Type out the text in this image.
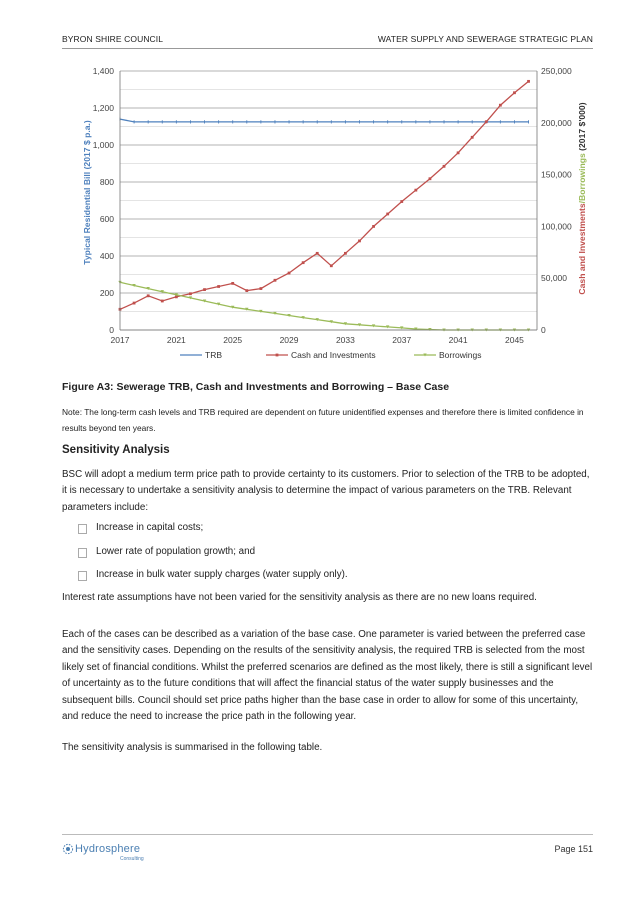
BYRON SHIRE COUNCIL	WATER SUPPLY AND SEWERAGE STRATEGIC PLAN
0
200
400
600
800
1,000
1,200
1,400
0
50,000
100,000
150,000
200,000
250,000
2017	2021	2025	2029	2033	2037	2041	2045
Typical Residential Bill (2017 $ p.a.)	Cash and Investments/Borrowings (2017 $'000)
TRB	Cash and Investments	Borrowings
Figure A3: Sewerage TRB, Cash and Investments and Borrowing – Base Case

Note: The long-term cash levels and TRB required are dependent on future unidentified expenses and therefore there is limited confidence in results beyond ten years.

Sensitivity Analysis

BSC will adopt a medium term price path to provide certainty to its customers. Prior to selection of the TRB to be adopted, it is necessary to undertake a sensitivity analysis to determine the impact of various parameters on the TRB. Relevant parameters include:

Increase in capital costs;
Lower rate of population growth; and
Increase in bulk water supply charges (water supply only).

Interest rate assumptions have not been varied for the sensitivity analysis as there are no new loans required.

Each of the cases can be described as a variation of the base case. One parameter is varied between the preferred case and the sensitivity cases. Depending on the results of the sensitivity analysis, the required TRB is selected from the most likely set of financial conditions. Whilst the preferred scenarios are defined as the most likely, there is still a significant level of uncertainty as to the future conditions that will affect the financial status of the water supply businesses and the subsequent bills. Council should set price paths higher than the base case in order to allow for some of this uncertainty, and reduce the need to increase the price path in the following year.

The sensitivity analysis is summarised in the following table.

Hydrosphere
Consulting
Page 151
